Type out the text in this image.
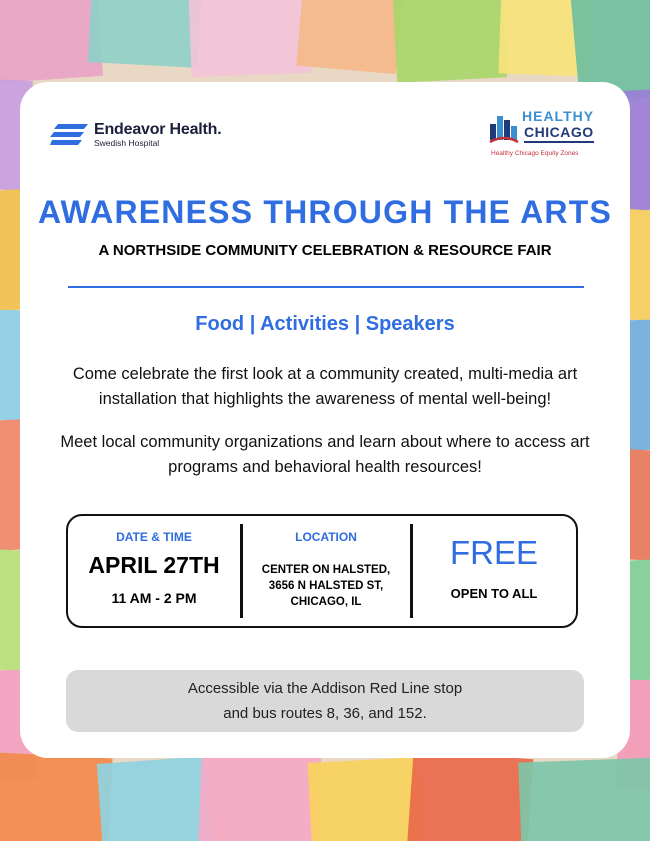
Endeavor Health.
Swedish Hospital
HEALTHY
CHICAGO
Healthy Chicago Equity Zones
AWARENESS THROUGH THE ARTS
A NORTHSIDE COMMUNITY CELEBRATION & RESOURCE FAIR
Food | Activities | Speakers
Come celebrate the first look at a community created, multi-media art installation that highlights the awareness of mental well-being!
Meet local community organizations and learn about where to access art programs and behavioral health resources!
DATE & TIME
APRIL 27TH
11 AM - 2 PM
LOCATION
CENTER ON HALSTED,
3656 N HALSTED ST,
CHICAGO, IL
FREE
OPEN TO ALL
Accessible via the Addison Red Line stop
and bus routes 8, 36, and 152.
